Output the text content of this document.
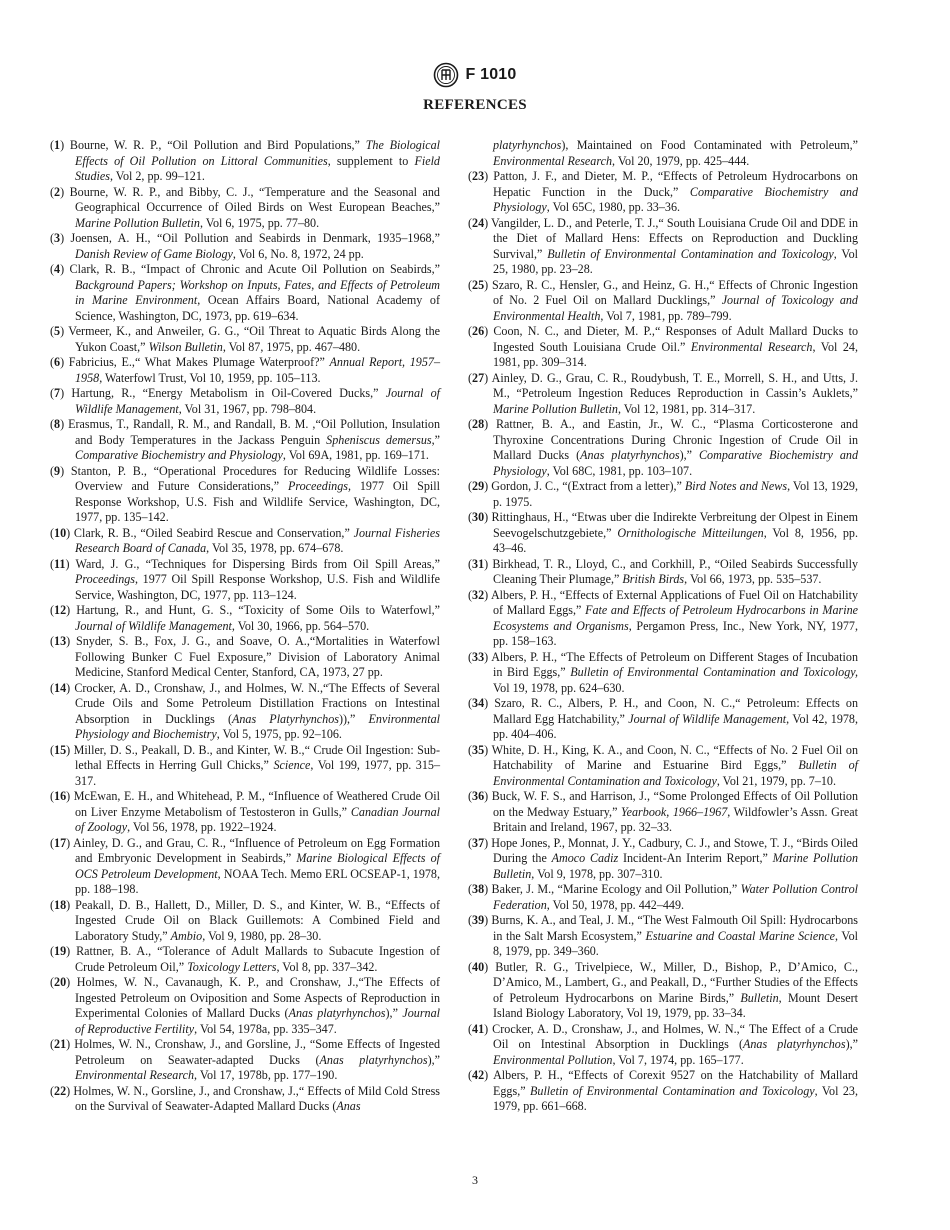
F 1010
REFERENCES

(1) Bourne, W. R. P., “Oil Pollution and Bird Populations,” The Biological Effects of Oil Pollution on Littoral Communities, supplement to Field Studies, Vol 2, pp. 99–121.

(2) Bourne, W. R. P., and Bibby, C. J., “Temperature and the Seasonal and Geographical Occurrence of Oiled Birds on West European Beaches,” Marine Pollution Bulletin, Vol 6, 1975, pp. 77–80.

(3) Joensen, A. H., “Oil Pollution and Seabirds in Denmark, 1935–1968,” Danish Review of Game Biology, Vol 6, No. 8, 1972, 24 pp.

(4) Clark, R. B., “Impact of Chronic and Acute Oil Pollution on Seabirds,” Background Papers; Workshop on Inputs, Fates, and Effects of Petroleum in Marine Environment, Ocean Affairs Board, National Academy of Science, Washington, DC, 1973, pp. 619–634.

(5) Vermeer, K., and Anweiler, G. G., “Oil Threat to Aquatic Birds Along the Yukon Coast,” Wilson Bulletin, Vol 87, 1975, pp. 467–480.

(6) Fabricius, E.,“ What Makes Plumage Waterproof?” Annual Report, 1957–1958, Waterfowl Trust, Vol 10, 1959, pp. 105–113.

(7) Hartung, R., “Energy Metabolism in Oil-Covered Ducks,” Journal of Wildlife Management, Vol 31, 1967, pp. 798–804.

(8) Erasmus, T., Randall, R. M., and Randall, B. M. ,“Oil Pollution, Insulation and Body Temperatures in the Jackass Penguin Spheniscus demersus,” Comparative Biochemistry and Physiology, Vol 69A, 1981, pp. 169–171.

(9) Stanton, P. B., “Operational Procedures for Reducing Wildlife Losses: Overview and Future Considerations,” Proceedings, 1977 Oil Spill Response Workshop, U.S. Fish and Wildlife Service, Washington, DC, 1977, pp. 135–142.

(10) Clark, R. B., “Oiled Seabird Rescue and Conservation,” Journal Fisheries Research Board of Canada, Vol 35, 1978, pp. 674–678.

(11) Ward, J. G., “Techniques for Dispersing Birds from Oil Spill Areas,” Proceedings, 1977 Oil Spill Response Workshop, U.S. Fish and Wildlife Service, Washington, DC, 1977, pp. 113–124.

(12) Hartung, R., and Hunt, G. S., “Toxicity of Some Oils to Waterfowl,” Journal of Wildlife Management, Vol 30, 1966, pp. 564–570.

(13) Snyder, S. B., Fox, J. G., and Soave, O. A.,“Mortalities in Waterfowl Following Bunker C Fuel Exposure,” Division of Laboratory Animal Medicine, Stanford Medical Center, Stanford, CA, 1973, 27 pp.

(14) Crocker, A. D., Cronshaw, J., and Holmes, W. N.,“The Effects of Several Crude Oils and Some Petroleum Distillation Fractions on Intestinal Absorption in Ducklings (Anas Platyrhynchos)),” Environmental Physiology and Biochemistry, Vol 5, 1975, pp. 92–106.

(15) Miller, D. S., Peakall, D. B., and Kinter, W. B.,“ Crude Oil Ingestion: Sub-lethal Effects in Herring Gull Chicks,” Science, Vol 199, 1977, pp. 315–317.

(16) McEwan, E. H., and Whitehead, P. M., “Influence of Weathered Crude Oil on Liver Enzyme Metabolism of Testosteron in Gulls,” Canadian Journal of Zoology, Vol 56, 1978, pp. 1922–1924.

(17) Ainley, D. G., and Grau, C. R., “Influence of Petroleum on Egg Formation and Embryonic Development in Seabirds,” Marine Biological Effects of OCS Petroleum Development, NOAA Tech. Memo ERL OCSEAP-1, 1978, pp. 188–198.

(18) Peakall, D. B., Hallett, D., Miller, D. S., and Kinter, W. B., “Effects of Ingested Crude Oil on Black Guillemots: A Combined Field and Laboratory Study,” Ambio, Vol 9, 1980, pp. 28–30.

(19) Rattner, B. A., “Tolerance of Adult Mallards to Subacute Ingestion of Crude Petroleum Oil,” Toxicology Letters, Vol 8, pp. 337–342.

(20) Holmes, W. N., Cavanaugh, K. P., and Cronshaw, J.,“The Effects of Ingested Petroleum on Oviposition and Some Aspects of Reproduction in Experimental Colonies of Mallard Ducks (Anas platyrhynchos),” Journal of Reproductive Fertility, Vol 54, 1978a, pp. 335–347.

(21) Holmes, W. N., Cronshaw, J., and Gorsline, J., “Some Effects of Ingested Petroleum on Seawater-adapted Ducks (Anas platyrhynchos),” Environmental Research, Vol 17, 1978b, pp. 177–190.

(22) Holmes, W. N., Gorsline, J., and Cronshaw, J.,“ Effects of Mild Cold Stress on the Survival of Seawater-Adapted Mallard Ducks (Anas

platyrhynchos), Maintained on Food Contaminated with Petroleum,” Environmental Research, Vol 20, 1979, pp. 425–444.

(23) Patton, J. F., and Dieter, M. P., “Effects of Petroleum Hydrocarbons on Hepatic Function in the Duck,” Comparative Biochemistry and Physiology, Vol 65C, 1980, pp. 33–36.

(24) Vangilder, L. D., and Peterle, T. J.,“ South Louisiana Crude Oil and DDE in the Diet of Mallard Hens: Effects on Reproduction and Duckling Survival,” Bulletin of Environmental Contamination and Toxicology, Vol 25, 1980, pp. 23–28.

(25) Szaro, R. C., Hensler, G., and Heinz, G. H.,“ Effects of Chronic Ingestion of No. 2 Fuel Oil on Mallard Ducklings,” Journal of Toxicology and Environmental Health, Vol 7, 1981, pp. 789–799.

(26) Coon, N. C., and Dieter, M. P.,“ Responses of Adult Mallard Ducks to Ingested South Louisiana Crude Oil.” Environmental Research, Vol 24, 1981, pp. 309–314.

(27) Ainley, D. G., Grau, C. R., Roudybush, T. E., Morrell, S. H., and Utts, J. M., “Petroleum Ingestion Reduces Reproduction in Cassin’s Auklets,” Marine Pollution Bulletin, Vol 12, 1981, pp. 314–317.

(28) Rattner, B. A., and Eastin, Jr., W. C., “Plasma Corticosterone and Thyroxine Concentrations During Chronic Ingestion of Crude Oil in Mallard Ducks (Anas platyrhynchos),” Comparative Biochemistry and Physiology, Vol 68C, 1981, pp. 103–107.

(29) Gordon, J. C., “(Extract from a letter),” Bird Notes and News, Vol 13, 1929, p. 1975.

(30) Rittinghaus, H., “Etwas uber die Indirekte Verbreitung der Olpest in Einem Seevogelschutzgebiete,” Ornithologische Mitteilungen, Vol 8, 1956, pp. 43–46.

(31) Birkhead, T. R., Lloyd, C., and Corkhill, P., “Oiled Seabirds Successfully Cleaning Their Plumage,” British Birds, Vol 66, 1973, pp. 535–537.

(32) Albers, P. H., “Effects of External Applications of Fuel Oil on Hatchability of Mallard Eggs,” Fate and Effects of Petroleum Hydrocarbons in Marine Ecosystems and Organisms, Pergamon Press, Inc., New York, NY, 1977, pp. 158–163.

(33) Albers, P. H., “The Effects of Petroleum on Different Stages of Incubation in Bird Eggs,” Bulletin of Environmental Contamination and Toxicology, Vol 19, 1978, pp. 624–630.

(34) Szaro, R. C., Albers, P. H., and Coon, N. C.,“ Petroleum: Effects on Mallard Egg Hatchability,” Journal of Wildlife Management, Vol 42, 1978, pp. 404–406.

(35) White, D. H., King, K. A., and Coon, N. C., “Effects of No. 2 Fuel Oil on Hatchability of Marine and Estuarine Bird Eggs,” Bulletin of Environmental Contamination and Toxicology, Vol 21, 1979, pp. 7–10.

(36) Buck, W. F. S., and Harrison, J., “Some Prolonged Effects of Oil Pollution on the Medway Estuary,” Yearbook, 1966–1967, Wildfowler’s Assn. Great Britain and Ireland, 1967, pp. 32–33.

(37) Hope Jones, P., Monnat, J. Y., Cadbury, C. J., and Stowe, T. J., “Birds Oiled During the Amoco Cadiz Incident-An Interim Report,” Marine Pollution Bulletin, Vol 9, 1978, pp. 307–310.

(38) Baker, J. M., “Marine Ecology and Oil Pollution,” Water Pollution Control Federation, Vol 50, 1978, pp. 442–449.

(39) Burns, K. A., and Teal, J. M., “The West Falmouth Oil Spill: Hydrocarbons in the Salt Marsh Ecosystem,” Estuarine and Coastal Marine Science, Vol 8, 1979, pp. 349–360.

(40) Butler, R. G., Trivelpiece, W., Miller, D., Bishop, P., D’Amico, C., D’Amico, M., Lambert, G., and Peakall, D., “Further Studies of the Effects of Petroleum Hydrocarbons on Marine Birds,” Bulletin, Mount Desert Island Biology Laboratory, Vol 19, 1979, pp. 33–34.

(41) Crocker, A. D., Cronshaw, J., and Holmes, W. N.,“ The Effect of a Crude Oil on Intestinal Absorption in Ducklings (Anas platyrhynchos),” Environmental Pollution, Vol 7, 1974, pp. 165–177.

(42) Albers, P. H., “Effects of Corexit 9527 on the Hatchability of Mallard Eggs,” Bulletin of Environmental Contamination and Toxicology, Vol 23, 1979, pp. 661–668.

3
